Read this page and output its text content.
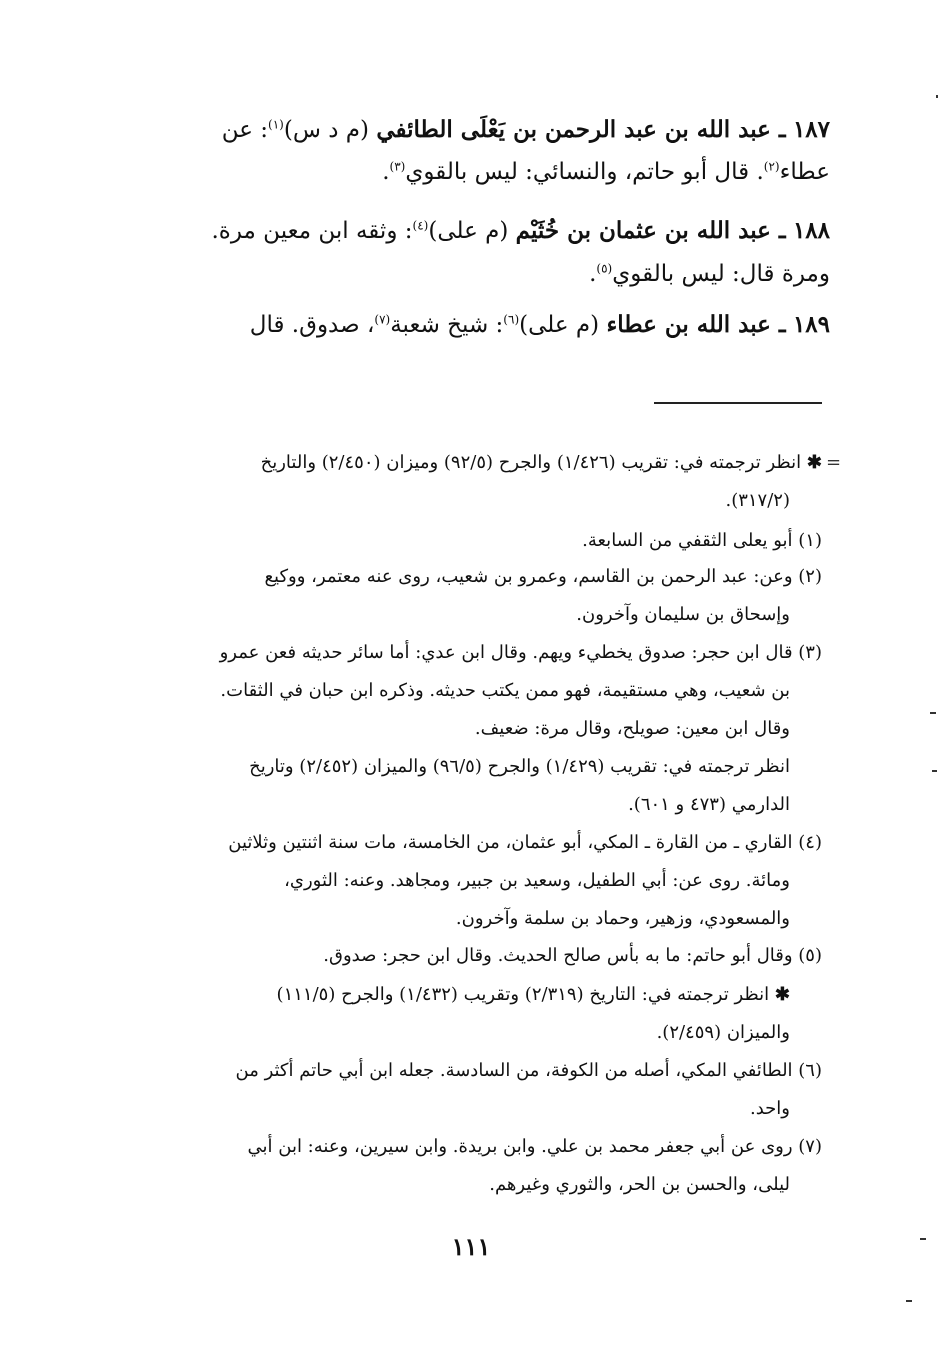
١٨٧ ـ عبد الله بن عبد الرحمن بن يَعْلَى الطائفي (م د س)$^{(١)}$: عن
عطاء$^{(٢)}$. قال أبو حاتم، والنسائي: ليس بالقوي$^{(٣)}$.
١٨٨ ـ عبد الله بن عثمان بن خُثَيْم (م على)$^{(٤)}$: وثقه ابن معين مرة.
ومرة قال: ليس بالقوي$^{(٥)}$.
١٨٩ ـ عبد الله بن عطاء (م على)$^{(٦)}$: شيخ شعبة$^{(٧)}$، صدوق. قال
=
✱ انظر ترجمته في: تقريب (١/٤٢٦) والجرح (٩٢/٥) وميزان (٢/٤٥٠) والتاريخ
(٣١٧/٢).
(١) أبو يعلى الثقفي من السابعة.
(٢) وعن: عبد الرحمن بن القاسم، وعمرو بن شعيب، روى عنه معتمر، ووكيع
وإسحاق بن سليمان وآخرون.
(٣) قال ابن حجر: صدوق يخطيء ويهم. وقال ابن عدي: أما سائر حديثه فعن عمرو
بن شعيب، وهي مستقيمة، فهو ممن يكتب حديثه. وذكره ابن حبان في الثقات.
وقال ابن معين: صويلح، وقال مرة: ضعيف.
انظر ترجمته في: تقريب (١/٤٢٩) والجرح (٩٦/٥) والميزان (٢/٤٥٢) وتاريخ
الدارمي (٤٧٣ و ٦٠١).
(٤) القاري ـ من القارة ـ المكي، أبو عثمان، من الخامسة، مات سنة اثنتين وثلاثين
ومائة. روى عن: أبي الطفيل، وسعيد بن جبير، ومجاهد. وعنه: الثوري،
والمسعودي، وزهير، وحماد بن سلمة وآخرون.
(٥) وقال أبو حاتم: ما به بأس صالح الحديث. وقال ابن حجر: صدوق.
✱ انظر ترجمته في: التاريخ (٢/٣١٩) وتقريب (١/٤٣٢) والجرح (١١١/٥)
والميزان (٢/٤٥٩).
(٦) الطائفي المكي، أصله من الكوفة، من السادسة. جعله ابن أبي حاتم أكثر من
واحد.
(٧) روى عن أبي جعفر محمد بن علي. وابن بريدة. وابن سيرين، وعنه: ابن أبي
ليلى، والحسن بن الحر، والثوري وغيرهم.
١١١
